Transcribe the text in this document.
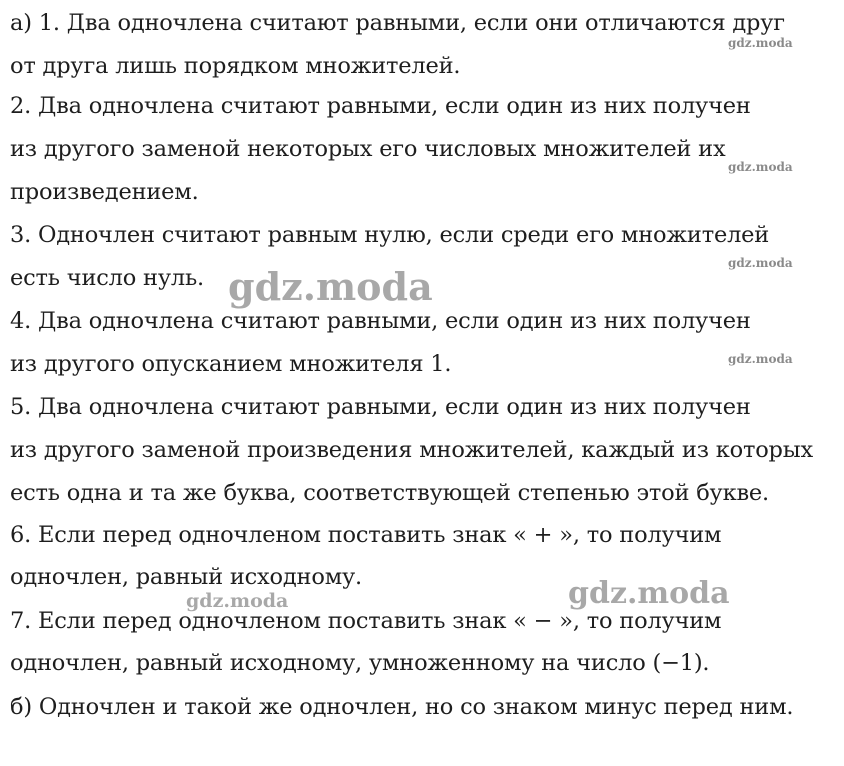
а) 1. Два одночлена считают равными, если они отличаются друг
от друга лишь порядком множителей.
2. Два одночлена считают равными, если один из них получен
из другого заменой некоторых его числовых множителей их
произведением.
3. Одночлен считают равным нулю, если среди его множителей
есть число нуль.
4. Два одночлена считают равными, если один из них получен
из другого опусканием множителя 1.
5. Два одночлена считают равными, если один из них получен
из другого заменой произведения множителей, каждый из которых
есть одна и та же буква, соответствующей степенью этой букве.
6. Если перед одночленом поставить знак « + », то получим
одночлен, равный исходному.
7. Если перед одночленом поставить знак « − », то получим
одночлен, равный исходному, умноженному на число (−1).
б) Одночлен и такой же одночлен, но со знаком минус перед ним.
gdz.moda
gdz.moda
gdz.moda
gdz.moda
gdz.moda
gdz.moda
gdz.moda
